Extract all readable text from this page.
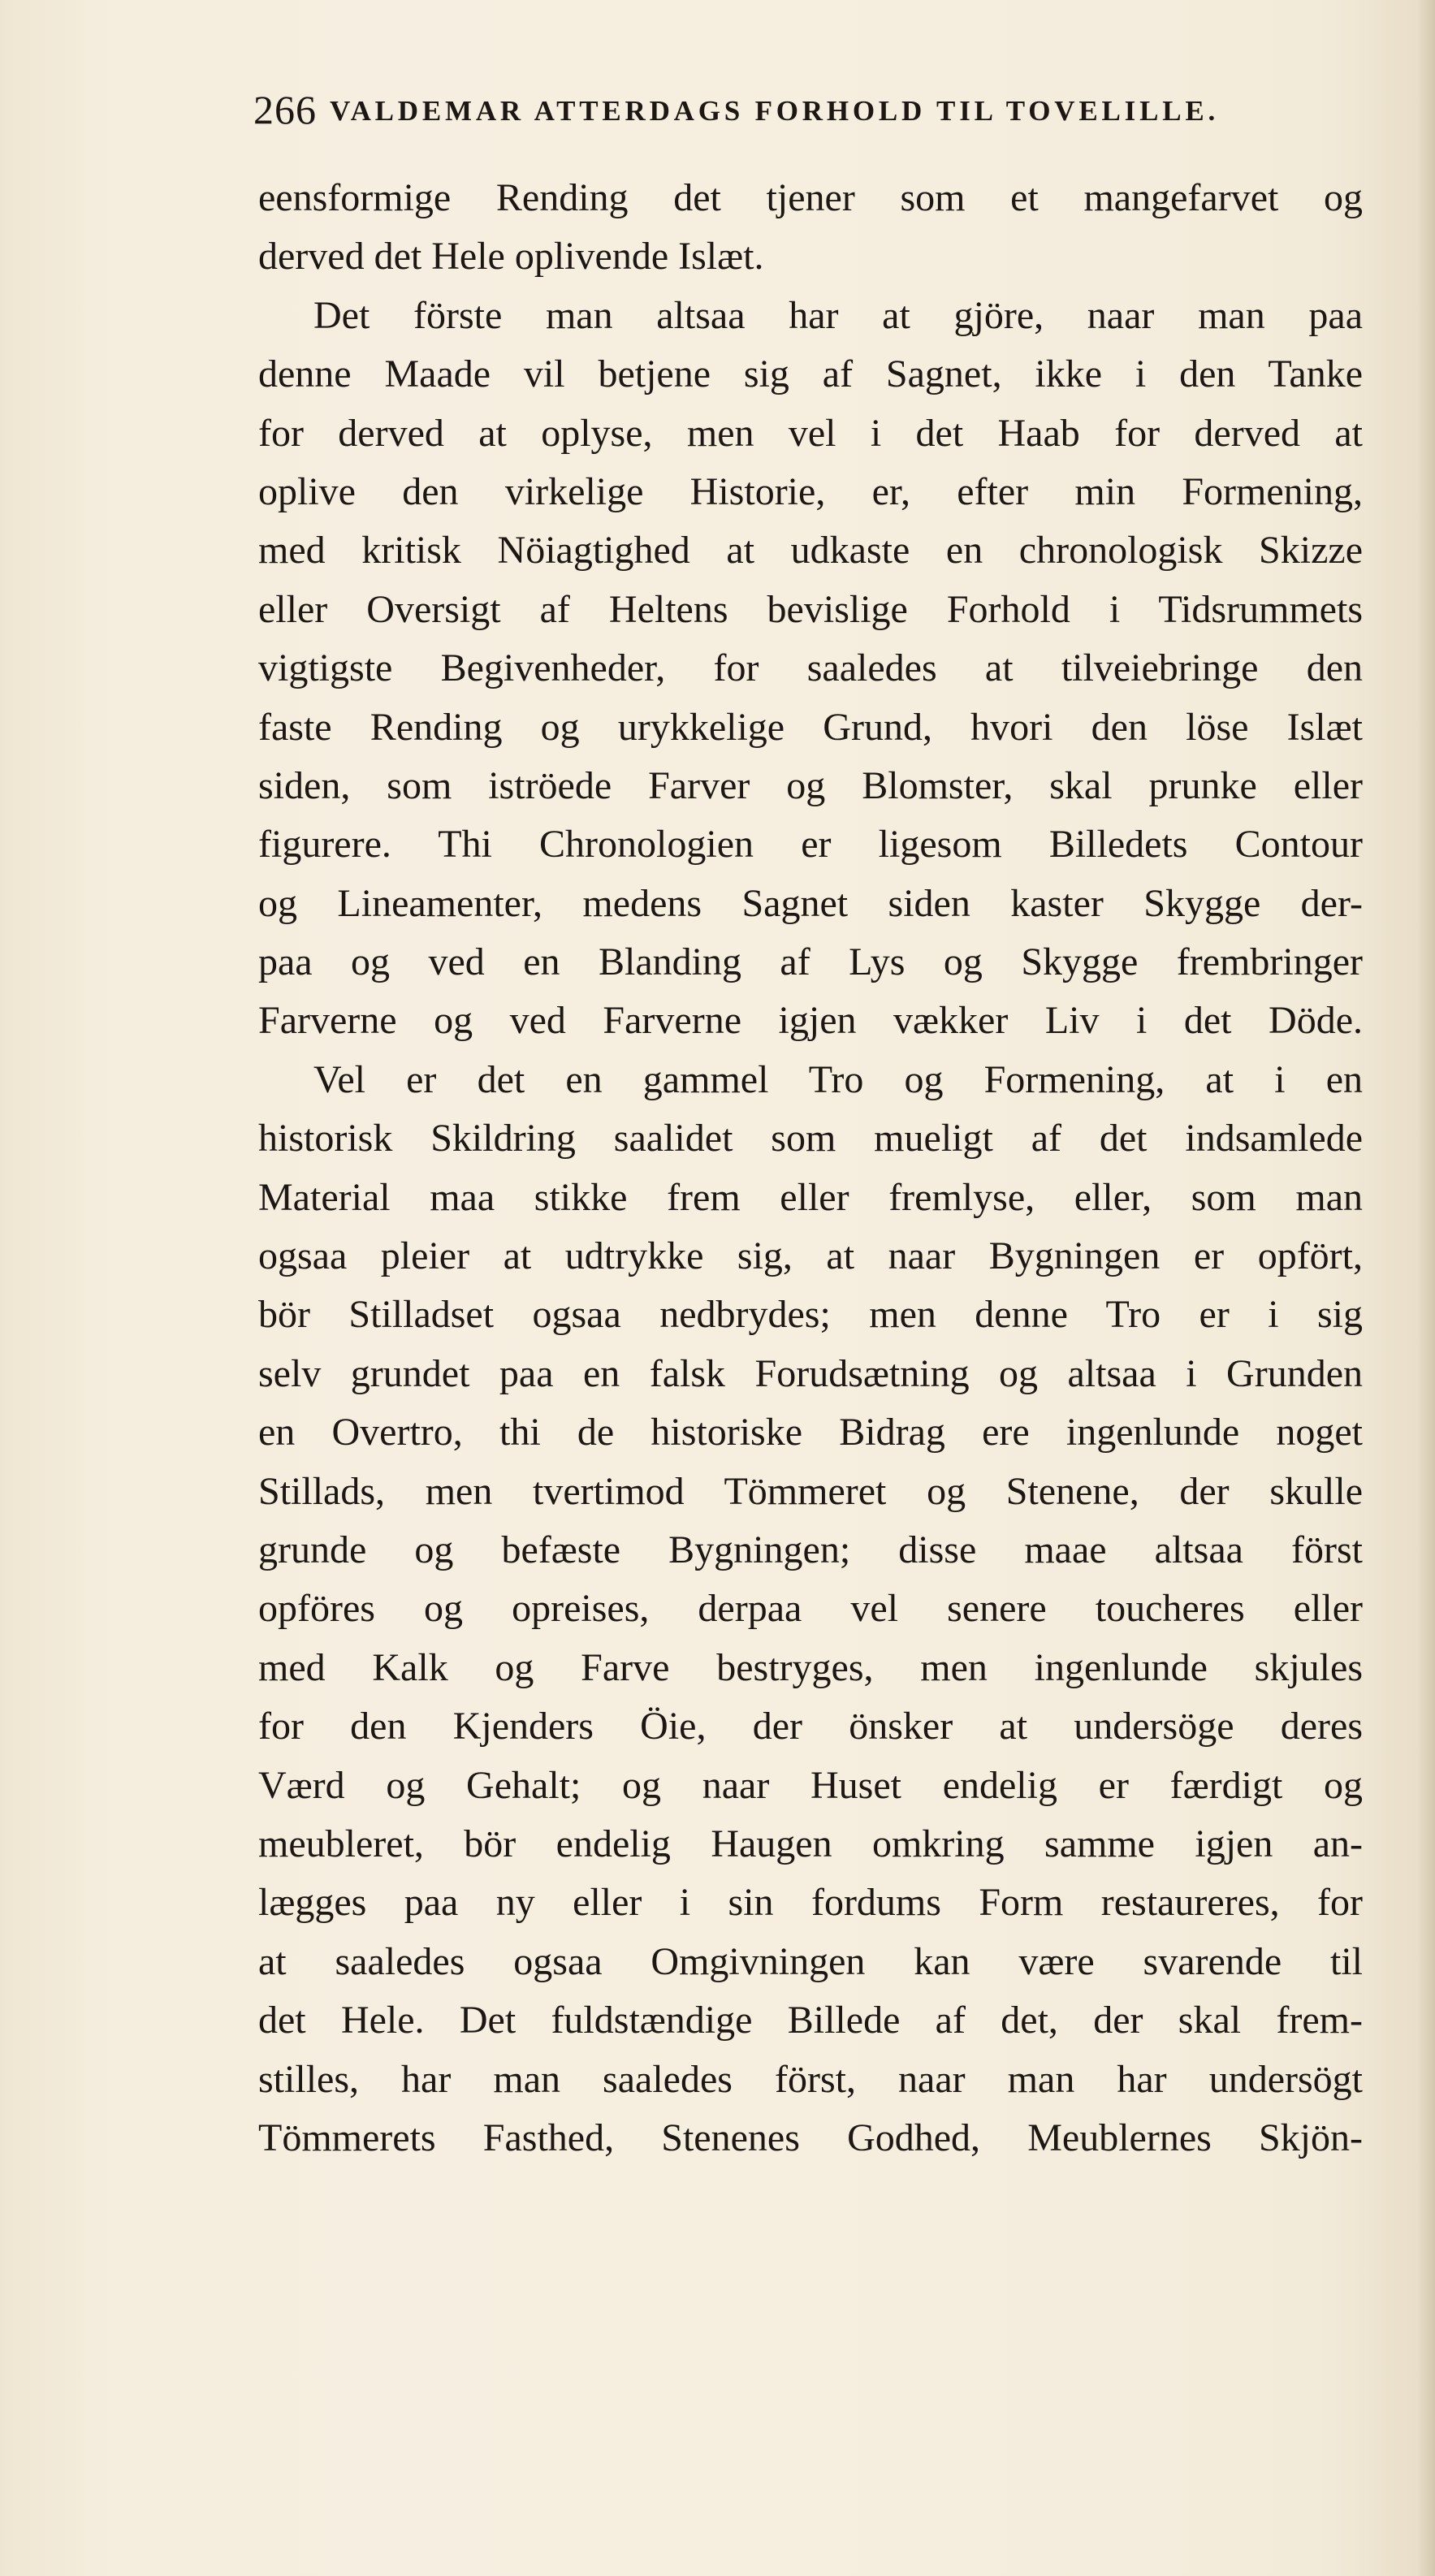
266 VALDEMAR ATTERDAGS FORHOLD TIL TOVELILLE.
eensformige Rending det tjener som et mangefarvet og
derved det Hele oplivende Islæt.
Det förste man altsaa har at gjöre, naar man paa
denne Maade vil betjene sig af Sagnet, ikke i den Tanke
for derved at oplyse, men vel i det Haab for derved at
oplive den virkelige Historie, er, efter min Formening,
med kritisk Nöiagtighed at udkaste en chronologisk Skizze
eller Oversigt af Heltens bevislige Forhold i Tidsrummets
vigtigste Begivenheder, for saaledes at tilveiebringe den
faste Rending og urykkelige Grund, hvori den löse Islæt
siden, som iströede Farver og Blomster, skal prunke eller
figurere. Thi Chronologien er ligesom Billedets Contour
og Lineamenter, medens Sagnet siden kaster Skygge der-
paa og ved en Blanding af Lys og Skygge frembringer
Farverne og ved Farverne igjen vækker Liv i det Döde.
Vel er det en gammel Tro og Formening, at i en
historisk Skildring saalidet som mueligt af det indsamlede
Material maa stikke frem eller fremlyse, eller, som man
ogsaa pleier at udtrykke sig, at naar Bygningen er opfört,
bör Stilladset ogsaa nedbrydes; men denne Tro er i sig
selv grundet paa en falsk Forudsætning og altsaa i Grunden
en Overtro, thi de historiske Bidrag ere ingenlunde noget
Stillads, men tvertimod Tömmeret og Stenene, der skulle
grunde og befæste Bygningen; disse maae altsaa först
opföres og opreises, derpaa vel senere toucheres eller
med Kalk og Farve bestryges, men ingenlunde skjules
for den Kjenders Öie, der önsker at undersöge deres
Værd og Gehalt; og naar Huset endelig er færdigt og
meubleret, bör endelig Haugen omkring samme igjen an-
lægges paa ny eller i sin fordums Form restaureres, for
at saaledes ogsaa Omgivningen kan være svarende til
det Hele. Det fuldstændige Billede af det, der skal frem-
stilles, har man saaledes först, naar man har undersögt
Tömmerets Fasthed, Stenenes Godhed, Meublernes Skjön-
